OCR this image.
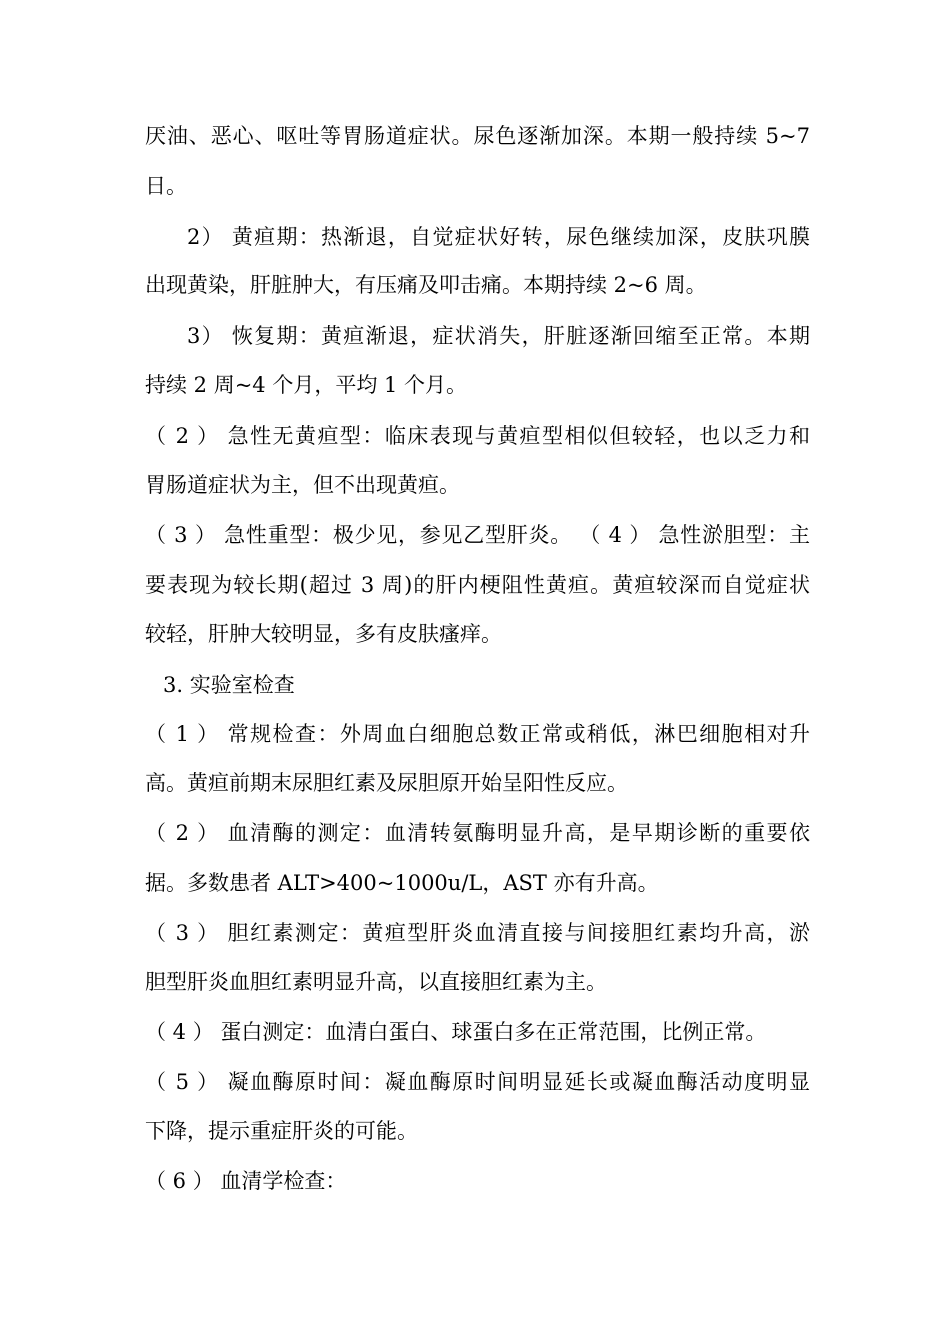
厌油、恶心、呕吐等胃肠道症状。尿色逐渐加深。本期一般持续 5~7
日。
2） 黄疸期：热渐退，自觉症状好转，尿色继续加深，皮肤巩膜
出现黄染，肝脏肿大，有压痛及叩击痛。本期持续 2~6 周。
3） 恢复期：黄疸渐退，症状消失，肝脏逐渐回缩至正常。本期
持续 2 周~4 个月，平均 1 个月。
（ 2 ） 急性无黄疸型：临床表现与黄疸型相似但较轻，也以乏力和
胃肠道症状为主，但不出现黄疸。
（ 3 ） 急性重型：极少见，参见乙型肝炎。 （ 4 ） 急性淤胆型：主
要表现为较长期(超过 3 周)的肝内梗阻性黄疸。黄疸较深而自觉症状
较轻，肝肿大较明显，多有皮肤瘙痒。
3. 实验室检查
（ 1 ） 常规检查：外周血白细胞总数正常或稍低，淋巴细胞相对升
高。黄疸前期末尿胆红素及尿胆原开始呈阳性反应。
（ 2 ） 血清酶的测定：血清转氨酶明显升高，是早期诊断的重要依
据。多数患者 ALT>400~1000u/L，AST 亦有升高。
（ 3 ） 胆红素测定：黄疸型肝炎血清直接与间接胆红素均升高，淤
胆型肝炎血胆红素明显升高，以直接胆红素为主。
（ 4 ） 蛋白测定：血清白蛋白、球蛋白多在正常范围，比例正常。
（ 5 ） 凝血酶原时间：凝血酶原时间明显延长或凝血酶活动度明显
下降，提示重症肝炎的可能。
（ 6 ） 血清学检查：
